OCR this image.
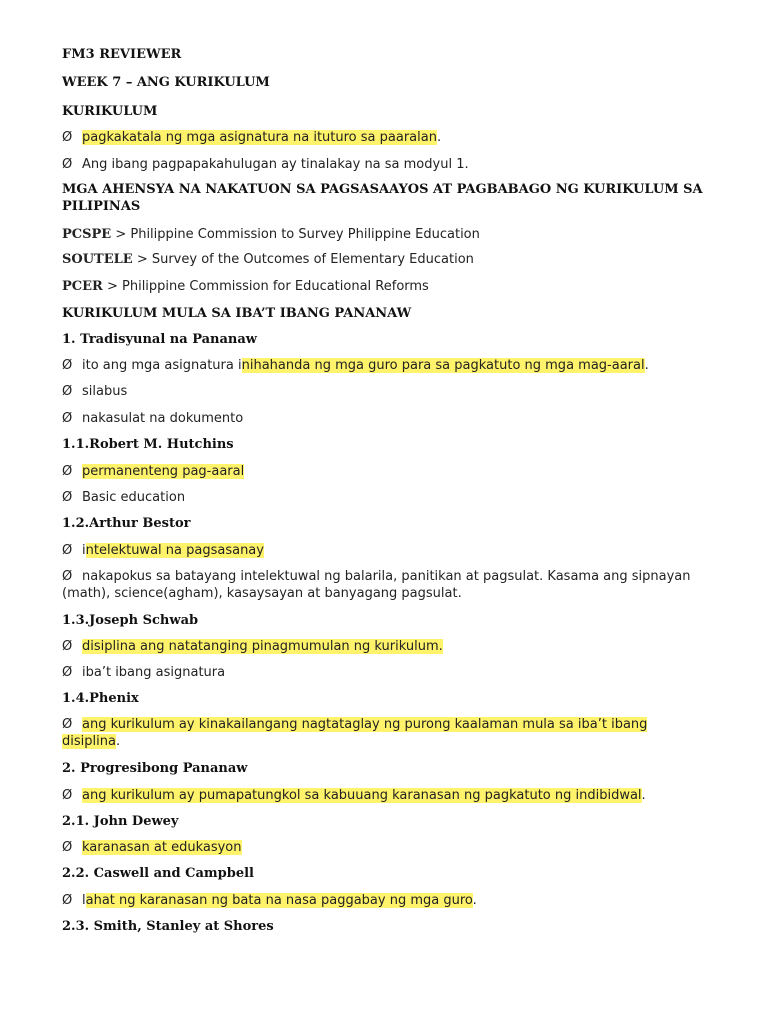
FM3 REVIEWER
WEEK 7 – ANG KURIKULUM
KURIKULUM
Ø pagkakatala ng mga asignatura na ituturo sa paaralan.
Ø Ang ibang pagpapakahulugan ay tinalakay na sa modyul 1.
MGA AHENSYA NA NAKATUON SA PAGSASAAYOS AT PAGBABAGO NG KURIKULUM SA PILIPINAS
PCSPE > Philippine Commission to Survey Philippine Education
SOUTELE > Survey of the Outcomes of Elementary Education
PCER > Philippine Commission for Educational Reforms
KURIKULUM MULA SA IBA’T IBANG PANANAW
1. Tradisyunal na Pananaw
Ø ito ang mga asignatura inihahanda ng mga guro para sa pagkatuto ng mga mag-aaral.
Ø silabus
Ø nakasulat na dokumento
1.1.Robert M. Hutchins
Ø permanenteng pag-aaral
Ø Basic education
1.2.Arthur Bestor
Ø intelektuwal na pagsasanay
Ø nakapokus sa batayang intelektuwal ng balarila, panitikan at pagsulat. Kasama ang sipnayan (math), science(agham), kasaysayan at banyagang pagsulat.
1.3.Joseph Schwab
Ø disiplina ang natatanging pinagmumulan ng kurikulum.
Ø iba’t ibang asignatura
1.4.Phenix
Ø ang kurikulum ay kinakailangang nagtataglay ng purong kaalaman mula sa iba’t ibang disiplina.
2. Progresibong Pananaw
Ø ang kurikulum ay pumapatungkol sa kabuuang karanasan ng pagkatuto ng indibidwal.
2.1. John Dewey
Ø karanasan at edukasyon
2.2. Caswell and Campbell
Ø lahat ng karanasan ng bata na nasa paggabay ng mga guro.
2.3. Smith, Stanley at Shores
